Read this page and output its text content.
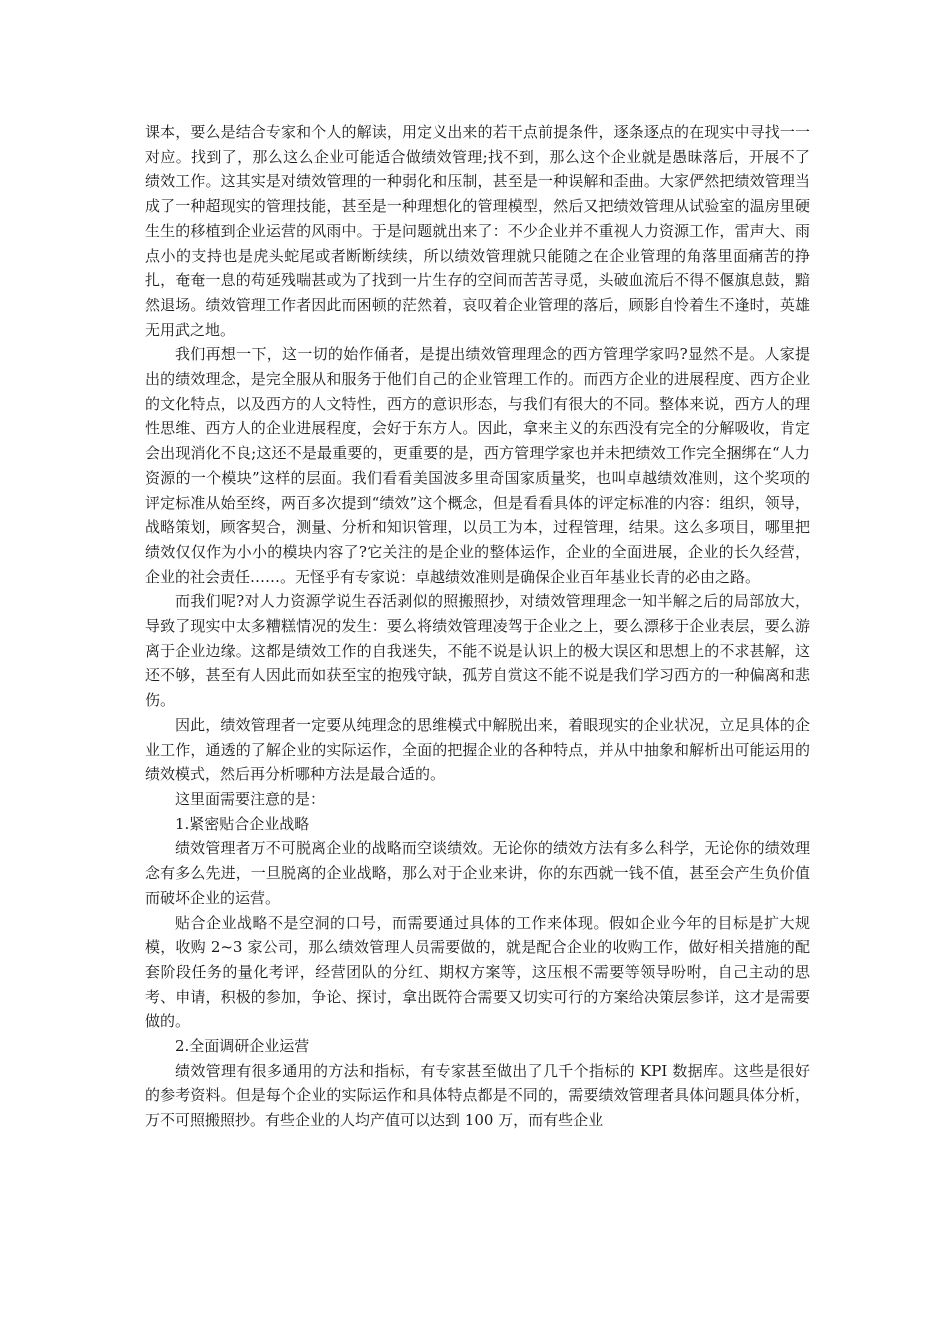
课本，要么是结合专家和个人的解读，用定义出来的若干点前提条件，逐条逐点的在现实中寻找一一对应。找到了，那么这么企业可能适合做绩效管理;找不到，那么这个企业就是愚昧落后，开展不了绩效工作。这其实是对绩效管理的一种弱化和压制，甚至是一种误解和歪曲。大家俨然把绩效管理当成了一种超现实的管理技能，甚至是一种理想化的管理模型，然后又把绩效管理从试验室的温房里硬生生的移植到企业运营的风雨中。于是问题就出来了：不少企业并不重视人力资源工作，雷声大、雨点小的支持也是虎头蛇尾或者断断续续，所以绩效管理就只能随之在企业管理的角落里面痛苦的挣扎，奄奄一息的苟延残喘甚或为了找到一片生存的空间而苦苦寻觅，头破血流后不得不偃旗息鼓，黯然退场。绩效管理工作者因此而困顿的茫然着，哀叹着企业管理的落后，顾影自怜着生不逢时，英雄无用武之地。

我们再想一下，这一切的始作俑者，是提出绩效管理理念的西方管理学家吗?显然不是。人家提出的绩效理念，是完全服从和服务于他们自己的企业管理工作的。而西方企业的进展程度、西方企业的文化特点，以及西方的人文特性，西方的意识形态，与我们有很大的不同。整体来说，西方人的理性思维、西方人的企业进展程度，会好于东方人。因此，拿来主义的东西没有完全的分解吸收，肯定会出现消化不良;这还不是最重要的，更重要的是，西方管理学家也并未把绩效工作完全捆绑在“人力资源的一个模块”这样的层面。我们看看美国波多里奇国家质量奖，也叫卓越绩效准则，这个奖项的评定标准从始至终，两百多次提到“绩效”这个概念，但是看看具体的评定标准的内容：组织，领导，战略策划，顾客契合，测量、分析和知识管理，以员工为本，过程管理，结果。这么多项目，哪里把绩效仅仅作为小小的模块内容了?它关注的是企业的整体运作，企业的全面进展，企业的长久经营，企业的社会责任……。无怪乎有专家说：卓越绩效准则是确保企业百年基业长青的必由之路。

而我们呢?对人力资源学说生吞活剥似的照搬照抄，对绩效管理理念一知半解之后的局部放大，导致了现实中太多糟糕情况的发生：要么将绩效管理凌驾于企业之上，要么漂移于企业表层，要么游离于企业边缘。这都是绩效工作的自我迷失，不能不说是认识上的极大误区和思想上的不求甚解，这还不够，甚至有人因此而如获至宝的抱残守缺，孤芳自赏这不能不说是我们学习西方的一种偏离和悲伤。

因此，绩效管理者一定要从纯理念的思维模式中解脱出来，着眼现实的企业状况，立足具体的企业工作，通透的了解企业的实际运作，全面的把握企业的各种特点，并从中抽象和解析出可能运用的绩效模式，然后再分析哪种方法是最合适的。

这里面需要注意的是：

1.紧密贴合企业战略

绩效管理者万不可脱离企业的战略而空谈绩效。无论你的绩效方法有多么科学，无论你的绩效理念有多么先进，一旦脱离的企业战略，那么对于企业来讲，你的东西就一钱不值，甚至会产生负价值而破坏企业的运营。

贴合企业战略不是空洞的口号，而需要通过具体的工作来体现。假如企业今年的目标是扩大规模，收购 2~3 家公司，那么绩效管理人员需要做的，就是配合企业的收购工作，做好相关措施的配套阶段任务的量化考评，经营团队的分红、期权方案等，这压根不需要等领导吩咐，自己主动的思考、申请，积极的参加，争论、探讨，拿出既符合需要又切实可行的方案给决策层参详，这才是需要做的。

2.全面调研企业运营

绩效管理有很多通用的方法和指标，有专家甚至做出了几千个指标的 KPI 数据库。这些是很好的参考资料。但是每个企业的实际运作和具体特点都是不同的，需要绩效管理者具体问题具体分析，万不可照搬照抄。有些企业的人均产值可以达到 100 万，而有些企业
